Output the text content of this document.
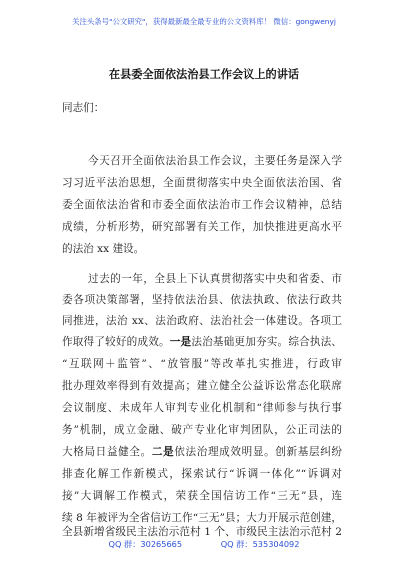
关注头条号"公文研究"，获得最新最全最专业的公文资料库！ 微信：gongwenyj
在县委全面依法治县工作会议上的讲话
同志们：
今天召开全面依法治县工作会议，主要任务是深入学
习习近平法治思想，全面贯彻落实中央全面依法治国、省
委全面依法治省和市委全面依法治市工作会议精神，总结
成绩，分析形势，研究部署有关工作，加快推进更高水平
的法治 xx 建设。
过去的一年，全县上下认真贯彻落实中央和省委、市
委各项决策部署，坚持依法治县、依法执政、依法行政共
同推进，法治 xx、法治政府、法治社会一体建设。各项工
作取得了较好的成效。一是法治基础更加夯实。综合执法、
“互联网＋监管”、“放管服”等改革扎实推进，行政审
批办理效率得到有效提高；建立健全公益诉讼常态化联席
会议制度、未成年人审判专业化机制和“律师参与执行事
务”机制，成立金融、破产专业化审判团队，公正司法的
大格局日益健全。二是依法治理成效明显。创新基层纠纷
排查化解工作新模式，探索试行“诉调一体化”“诉调对
接”大调解工作模式，荣获全国信访工作“三无”县，连
续 8 年被评为全省信访工作“三无”县；大力开展示范创建，
全县新增省级民主法治示范村 1 个、市级民主法治示范村 2
QQ 群：30265665	QQ 群：535304092
